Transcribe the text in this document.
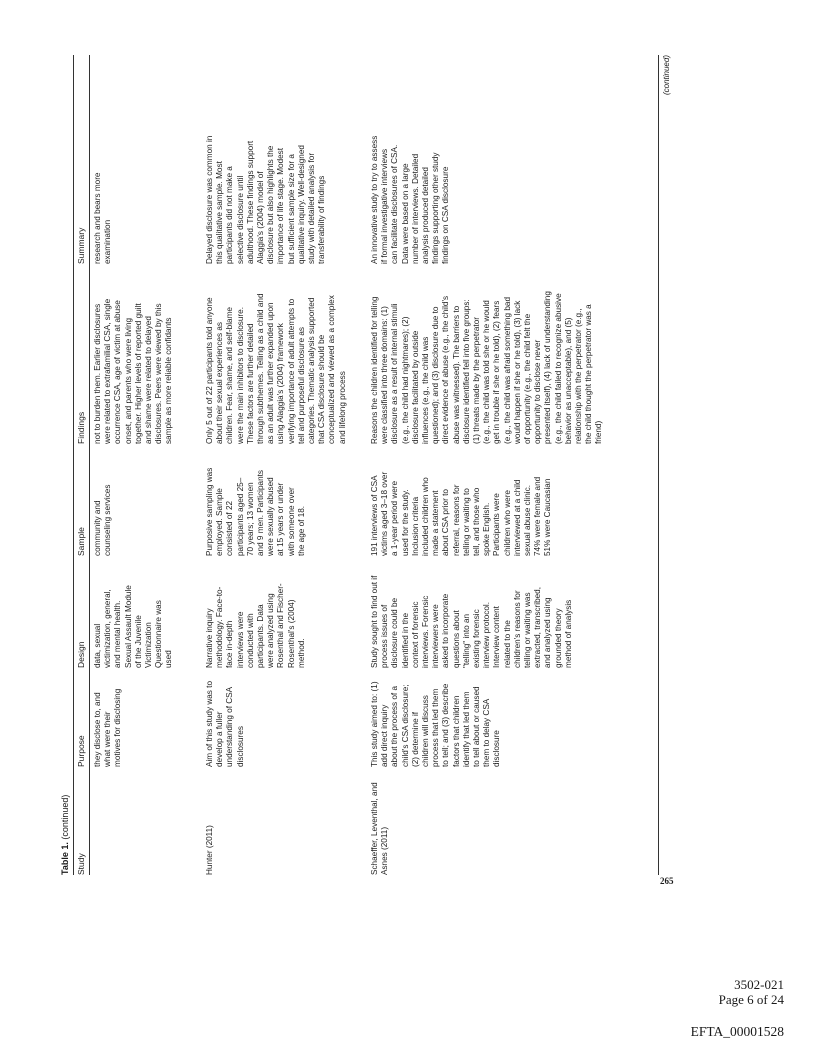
Table 1. (continued)
Study
Purpose
Design
Sample
Findings
Summary
they disclose to, and
what were their
motives for disclosing
data, sexual
victimization, general,
and mental health.
Sexual Assault Module
of the Juvenile
Victimization
Questionnaire was
used
community and
counseling services
not to burden them. Earlier disclosures
were related to extrafamilial CSA, single
occurrence CSA, age of victim at abuse
onset, and parents who were living
together. Higher levels of reported guilt
and shame were related to delayed
disclosures. Peers were viewed by this
sample as more reliable confidants
research and bears more
examination
Hunter (2011)
Aim of this study was to
develop a fuller
understanding of CSA
disclosures
Narrative inquiry
methodology. Face-to-
face in-depth
interviews were
conducted with
participants. Data
were analyzed using
Rosenthal and Fischer-
Rosenthal's (2004)
method.
Purposive sampling was
employed. Sample
consisted of 22
participants aged 25–
70 years; 13 women
and 9 men. Participants
were sexually abused
at 15 years or under
with someone over
the age of 18.
Only 5 out of 22 participants told anyone
about their sexual experiences as
children. Fear, shame, and self-blame
were the main inhibitors to disclosure.
These factors are further detailed
through subthemes. Telling as a child and
as an adult was further expanded upon
using Alaggia's (2004) framework
verifying importance of adult attempts to
tell and purposeful disclosure as
categories. Thematic analysis supported
that CSA disclosure should be
conceptualized and viewed as a complex
and lifelong process
Delayed disclosure was common in
this qualitative sample. Most
participants did not make a
selective disclosure until
adulthood. These findings support
Alaggia's (2004) model of
disclosure but also highlights the
importance of life stage. Modest
but sufficient sample size for a
qualitative inquiry. Well-designed
study with detailed analysis for
transferability of findings
Schaeffer, Leventhal, and
Asnes (2011)
This study aimed to: (1)
add direct inquiry
about the process of a
child's CSA disclosure;
(2) determine if
children will discuss
process that led them
to tell; and (3) describe
factors that children
identify that led them
to tell about or caused
them to delay CSA
disclosure
Study sought to find out if
process issues of
disclosure could be
identified in the
context of forensic
interviews. Forensic
interviewers were
asked to incorporate
questions about
"telling" into an
existing forensic
interview protocol.
Interview content
related to the
children's reasons for
telling or waiting was
extracted, transcribed,
and analyzed using
grounded theory
method of analysis
191 interviews of CSA
victims aged 3–18 over
a 1-year period were
used for the study.
Inclusion criteria
included children who
made a statement
about CSA prior to
referral, reasons for
telling or waiting to
tell, and those who
spoke English.
Participants were
children who were
interviewed at a child
sexual abuse clinic.
74% were female and
51% were Caucasian
Reasons the children identified for telling
were classified into three domains: (1)
disclosure as a result of internal stimuli
(e.g., the child had nightmares); (2)
disclosure facilitated by outside
influences (e.g., the child was
questioned); and (3) disclosure due to
direct evidence of abuse (e.g., the child's
abuse was witnessed). The barriers to
disclosure identified fell into five groups:
(1) threats made by the perpetrator
(e.g., the child was told she or he would
get in trouble if she or he told), (2) fears
(e.g., the child was afraid something bad
would happen if she or he told), (3) lack
of opportunity (e.g., the child felt the
opportunity to disclose never
presented itself), (4) lack of understanding
(e.g., the child failed to recognize abusive
behavior as unacceptable), and (5)
relationship with the perpetrator (e.g.,
the child thought the perpetrator was a
friend)
An innovative study to try to assess
if formal investigative interviews
can facilitate disclosures of CSA.
Data were based on a large
number of interviews. Detailed
analysis produced detailed
findings supporting other study
findings on CSA disclosure
(continued)
265
3502-021
Page 6 of 24
EFTA_00001528
